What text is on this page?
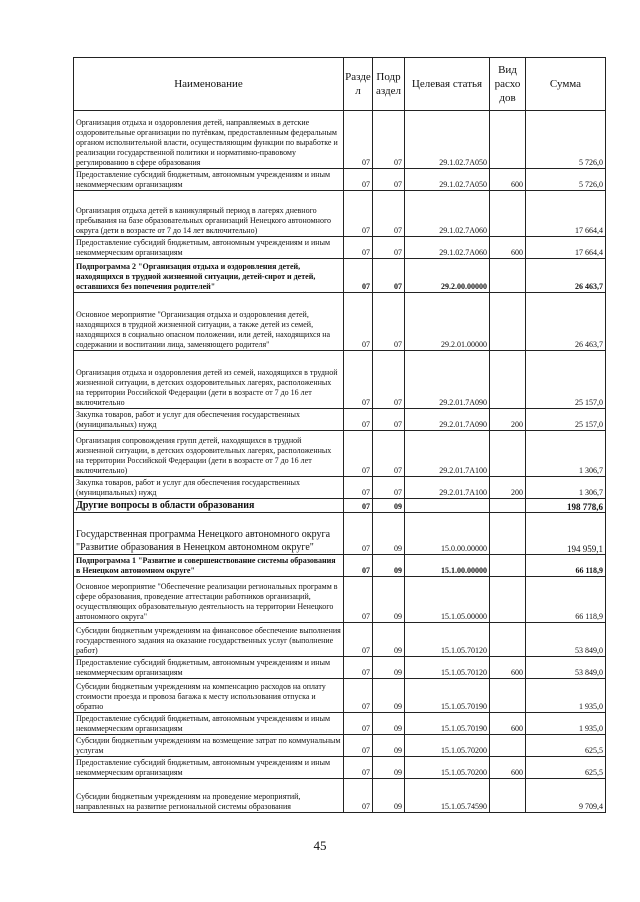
Наименование	Разде л	Подр аздел	Целевая статья	Вид расхо дов	Сумма
Организация отдыха и оздоровления детей, направляемых в детские оздоровительные организации по путёвкам, предоставленным федеральным органом исполнительной власти, осуществляющим функции по выработке и реализации государственной политики и нормативно-правовому регулированию в сфере образования	07	07	29.1.02.7А050		5 726,0
Предоставление субсидий бюджетным, автономным учреждениям и иным некоммерческим организациям	07	07	29.1.02.7А050	600	5 726,0
Организация отдыха детей в каникулярный период в лагерях дневного пребывания на базе образовательных организаций Ненецкого автономного округа (дети в возрасте от 7 до 14 лет включительно)	07	07	29.1.02.7А060		17 664,4
Предоставление субсидий бюджетным, автономным учреждениям и иным некоммерческим организациям	07	07	29.1.02.7А060	600	17 664,4
Подпрограмма 2 "Организация отдыха и оздоровления детей, находящихся в трудной жизненной ситуации, детей-сирот и детей, оставшихся без попечения родителей"	07	07	29.2.00.00000		26 463,7
Основное мероприятие "Организация отдыха и оздоровления детей, находящихся в трудной жизненной ситуации, а также детей из семей, находящихся в социально опасном положении, или детей, находящихся на содержании и воспитании лица, заменяющего родителя"	07	07	29.2.01.00000		26 463,7
Организация отдыха и оздоровления детей из семей, находящихся в трудной жизненной ситуации, в детских оздоровительных лагерях, расположенных на территории Российской Федерации (дети в возрасте от 7 до 16 лет включительно	07	07	29.2.01.7А090		25 157,0
Закупка товаров, работ и услуг для обеспечения государственных (муниципальных) нужд	07	07	29.2.01.7А090	200	25 157,0
Организация сопровождения групп детей, находящихся в трудной жизненной ситуации, в детских оздоровительных лагерях, расположенных на территории Российской Федерации (дети в возрасте от 7 до 16 лет включительно)	07	07	29.2.01.7А100		1 306,7
Закупка товаров, работ и услуг для обеспечения государственных (муниципальных) нужд	07	07	29.2.01.7А100	200	1 306,7
Другие вопросы в области образования	07	09			198 778,6
Государственная программа Ненецкого автономного округа "Развитие образования в Ненецком автономном округе"	07	09	15.0.00.00000		194 959,1
Подпрограмма 1 "Развитие и совершенствование системы образования в Ненецком автономном округе"	07	09	15.1.00.00000		66 118,9
Основное мероприятие "Обеспечение реализации региональных программ в сфере образования, проведение аттестации работников организаций, осуществляющих образовательную деятельность на территории Ненецкого автономного округа"	07	09	15.1.05.00000		66 118,9
Субсидии бюджетным учреждениям на финансовое обеспечение выполнения государственного задания на оказание государственных услуг (выполнение работ)	07	09	15.1.05.70120		53 849,0
Предоставление субсидий бюджетным, автономным учреждениям и иным некоммерческим организациям	07	09	15.1.05.70120	600	53 849,0
Субсидии бюджетным учреждениям на компенсацию расходов на оплату стоимости проезда и провоза багажа к месту использования отпуска и обратно	07	09	15.1.05.70190		1 935,0
Предоставление субсидий бюджетным, автономным учреждениям и иным некоммерческим организациям	07	09	15.1.05.70190	600	1 935,0
Субсидии бюджетным учреждениям на возмещение затрат по коммунальным услугам	07	09	15.1.05.70200		625,5
Предоставление субсидий бюджетным, автономным учреждениям и иным некоммерческим организациям	07	09	15.1.05.70200	600	625,5
Субсидии бюджетным учреждениям на проведение мероприятий, направленных на развитие региональной системы образования	07	09	15.1.05.74590		9 709,4
45
